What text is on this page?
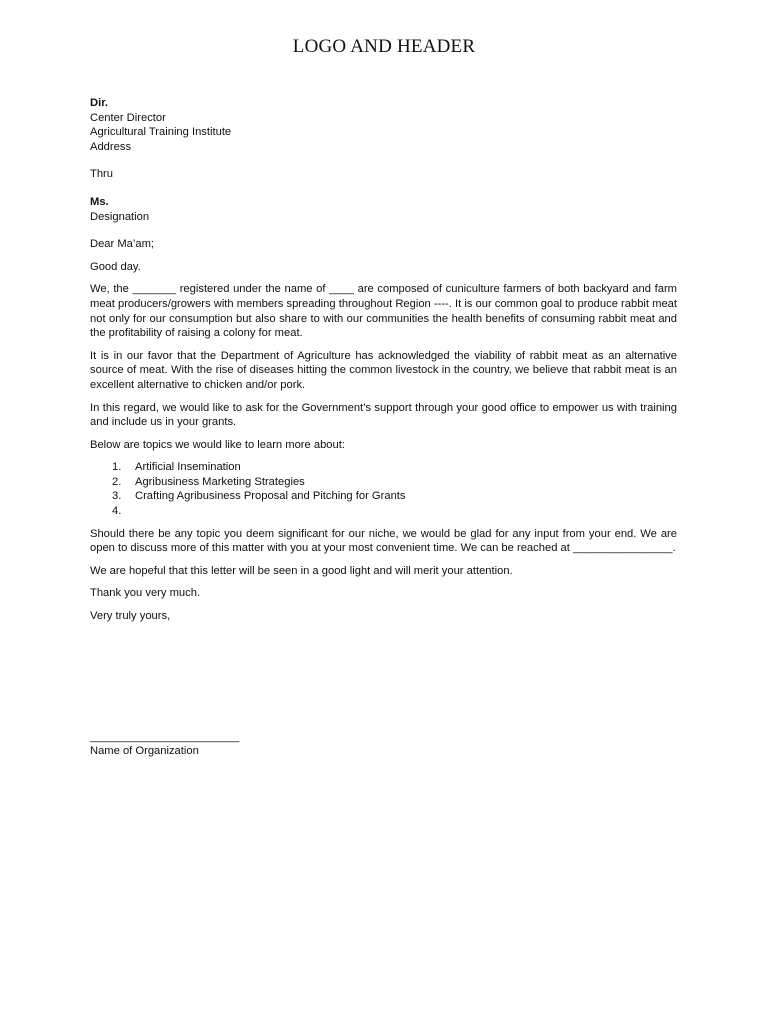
LOGO AND HEADER

Dir.

Center Director

Agricultural Training Institute

Address

Thru

Ms.

Designation

Dear Ma’am;

Good day.

We, the _______ registered under the name of ____ are composed of cuniculture farmers of both backyard and farm meat producers/growers with members spreading throughout Region ----. It is our common goal to produce rabbit meat not only for our consumption but also share to with our communities the health benefits of consuming rabbit meat and the profitability of raising a colony for meat.

It is in our favor that the Department of Agriculture has acknowledged the viability of rabbit meat as an alternative source of meat. With the rise of diseases hitting the common livestock in the country, we believe that rabbit meat is an excellent alternative to chicken and/or pork.

In this regard, we would like to ask for the Government’s support through your good office to empower us with training and include us in your grants.

Below are topics we would like to learn more about:

1.	Artificial Insemination
2.	Agribusiness Marketing Strategies
3.	Crafting Agribusiness Proposal and Pitching for Grants
4.

Should there be any topic you deem significant for our niche, we would be glad for any input from your end. We are open to discuss more of this matter with you at your most convenient time. We can be reached at ________________.

We are hopeful that this letter will be seen in a good light and will merit your attention.

Thank you very much.

Very truly yours,

________________________

Name of Organization
